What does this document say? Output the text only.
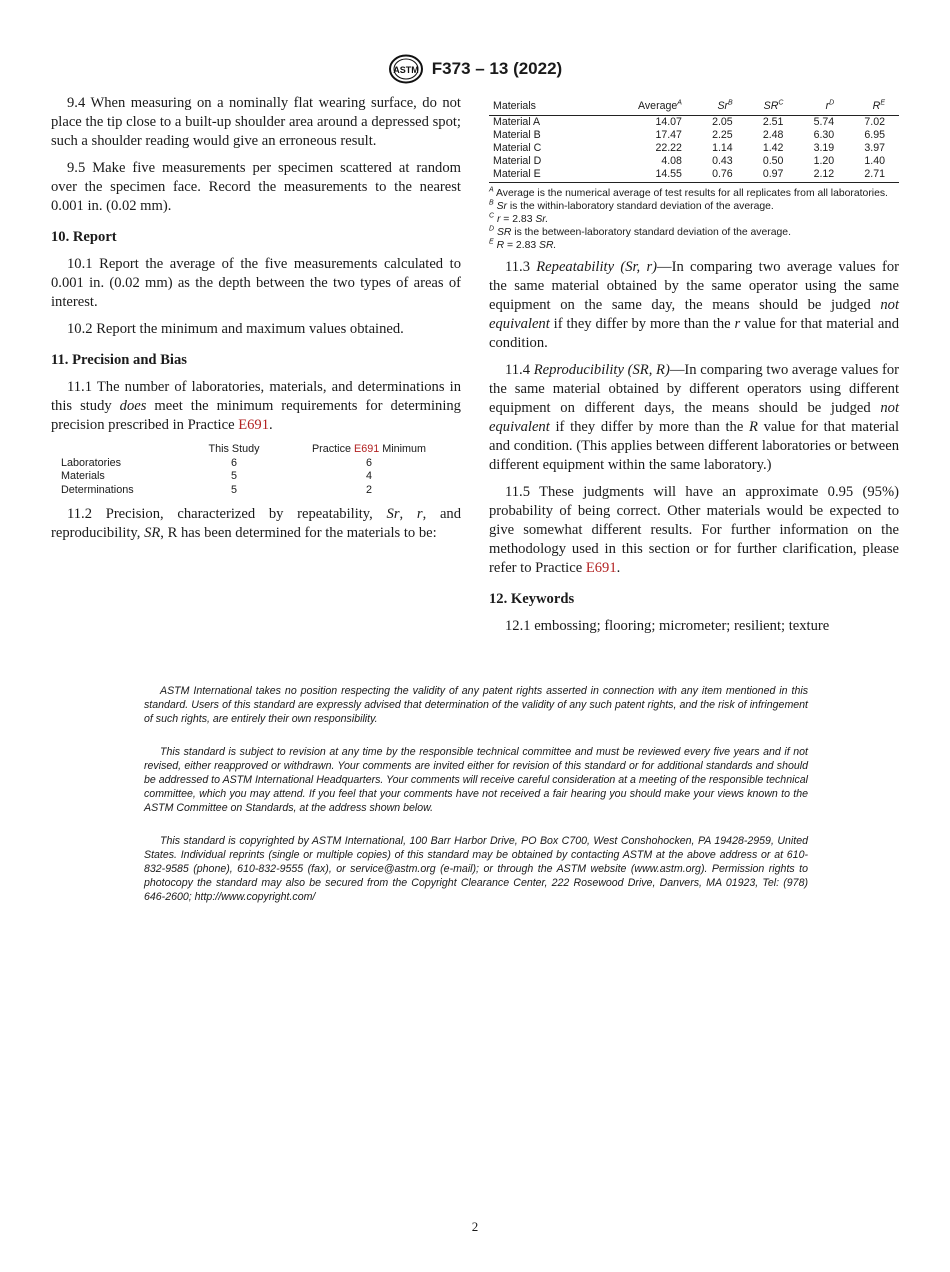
ASTM F373 – 13 (2022)

9.4 When measuring on a nominally flat wearing surface, do not place the tip close to a built-up shoulder area around a depressed spot; such a shoulder reading would give an erroneous result.

9.5 Make five measurements per specimen scattered at random over the specimen face. Record the measurements to the nearest 0.001 in. (0.02 mm).

10. Report

10.1 Report the average of the five measurements calculated to 0.001 in. (0.02 mm) as the depth between the two types of areas of interest.

10.2 Report the minimum and maximum values obtained.

11. Precision and Bias

11.1 The number of laboratories, materials, and determinations in this study does meet the minimum requirements for determining precision prescribed in Practice E691.

	This Study	Practice E691 Minimum
Laboratories	6	6
Materials	5	4
Determinations	5	2

11.2 Precision, characterized by repeatability, Sr, r, and reproducibility, SR, R has been determined for the materials to be:

Materials	Average$^A$	$Sr^B$	$SR^C$	$r^D$	$R^E$
Material A	14.07	2.05	2.51	5.74	7.02
Material B	17.47	2.25	2.48	6.30	6.95
Material C	22.22	1.14	1.42	3.19	3.97
Material D	4.08	0.43	0.50	1.20	1.40
Material E	14.55	0.76	0.97	2.12	2.71

$^A$ Average is the numerical average of test results for all replicates from all laboratories.

$^B$ Sr is the within-laboratory standard deviation of the average.

$^C$ r = 2.83 Sr.

$^D$ SR is the between-laboratory standard deviation of the average.

$^E$ R = 2.83 SR.

11.3 Repeatability (Sr, r)—In comparing two average values for the same material obtained by the same operator using the same equipment on the same day, the means should be judged not equivalent if they differ by more than the r value for that material and condition.

11.4 Reproducibility (SR, R)—In comparing two average values for the same material obtained by different operators using different equipment on different days, the means should be judged not equivalent if they differ by more than the R value for that material and condition. (This applies between different laboratories or between different equipment within the same laboratory.)

11.5 These judgments will have an approximate 0.95 (95%) probability of being correct. Other materials would be expected to give somewhat different results. For further information on the methodology used in this section or for further clarification, please refer to Practice E691.

12. Keywords

12.1 embossing; flooring; micrometer; resilient; texture

ASTM International takes no position respecting the validity of any patent rights asserted in connection with any item mentioned in this standard. Users of this standard are expressly advised that determination of the validity of any such patent rights, and the risk of infringement of such rights, are entirely their own responsibility.

This standard is subject to revision at any time by the responsible technical committee and must be reviewed every five years and if not revised, either reapproved or withdrawn. Your comments are invited either for revision of this standard or for additional standards and should be addressed to ASTM International Headquarters. Your comments will receive careful consideration at a meeting of the responsible technical committee, which you may attend. If you feel that your comments have not received a fair hearing you should make your views known to the ASTM Committee on Standards, at the address shown below.

This standard is copyrighted by ASTM International, 100 Barr Harbor Drive, PO Box C700, West Conshohocken, PA 19428-2959, United States. Individual reprints (single or multiple copies) of this standard may be obtained by contacting ASTM at the above address or at 610-832-9585 (phone), 610-832-9555 (fax), or service@astm.org (e-mail); or through the ASTM website (www.astm.org). Permission rights to photocopy the standard may also be secured from the Copyright Clearance Center, 222 Rosewood Drive, Danvers, MA 01923, Tel: (978) 646-2600; http://www.copyright.com/

2
